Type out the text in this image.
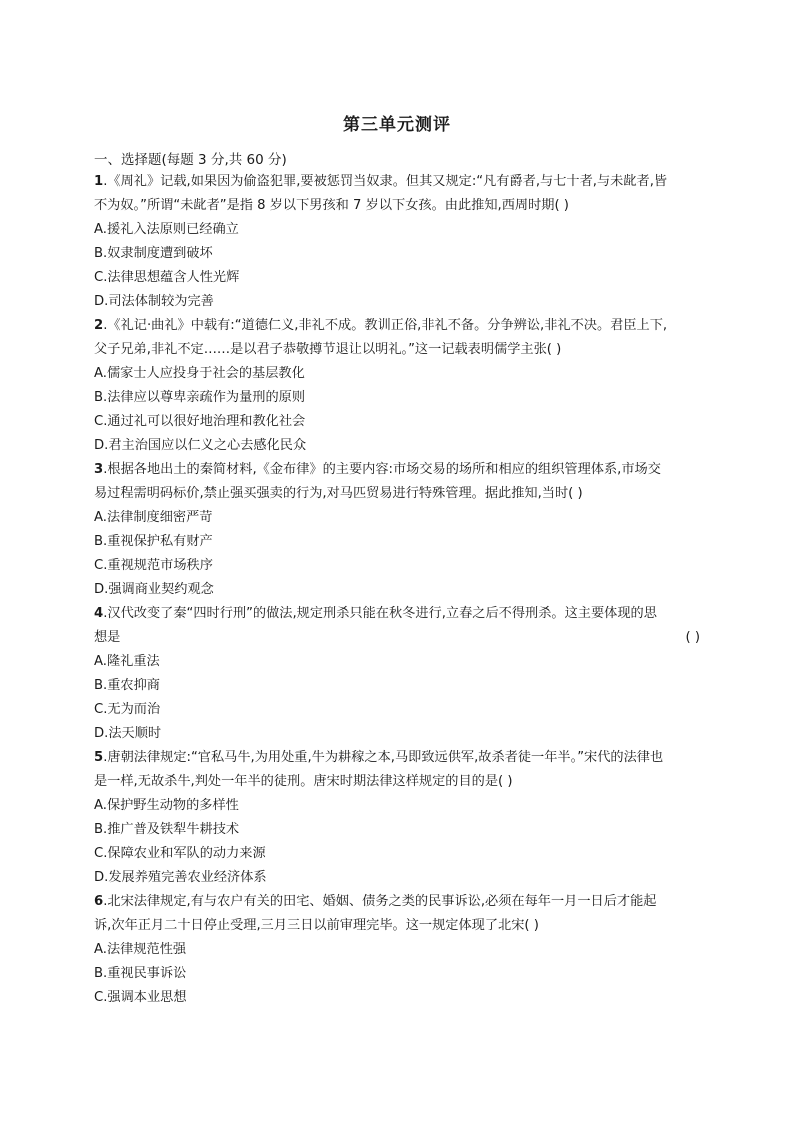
第三单元测评
一、选择题(每题 3 分,共 60 分)
1.《周礼》记载,如果因为偷盗犯罪,要被惩罚当奴隶。但其又规定:“凡有爵者,与七十者,与未龀者,皆
不为奴。”所谓“未龀者”是指 8 岁以下男孩和 7 岁以下女孩。由此推知,西周时期( )
A.援礼入法原则已经确立
B.奴隶制度遭到破坏
C.法律思想蕴含人性光辉
D.司法体制较为完善
2.《礼记·曲礼》中载有:“道德仁义,非礼不成。教训正俗,非礼不备。分争辨讼,非礼不决。君臣上下,
父子兄弟,非礼不定……是以君子恭敬撙节退让以明礼。”这一记载表明儒学主张( )
A.儒家士人应投身于社会的基层教化
B.法律应以尊卑亲疏作为量刑的原则
C.通过礼可以很好地治理和教化社会
D.君主治国应以仁义之心去感化民众
3.根据各地出土的秦简材料,《金布律》的主要内容:市场交易的场所和相应的组织管理体系,市场交
易过程需明码标价,禁止强买强卖的行为,对马匹贸易进行特殊管理。据此推知,当时( )
A.法律制度细密严苛
B.重视保护私有财产
C.重视规范市场秩序
D.强调商业契约观念
4.汉代改变了秦“四时行刑”的做法,规定刑杀只能在秋冬进行,立春之后不得刑杀。这主要体现的思
想是	( )
A.隆礼重法
B.重农抑商
C.无为而治
D.法天顺时
5.唐朝法律规定:“官私马牛,为用处重,牛为耕稼之本,马即致远供军,故杀者徒一年半。”宋代的法律也
是一样,无故杀牛,判处一年半的徒刑。唐宋时期法律这样规定的目的是( )
A.保护野生动物的多样性
B.推广普及铁犁牛耕技术
C.保障农业和军队的动力来源
D.发展养殖完善农业经济体系
6.北宋法律规定,有与农户有关的田宅、婚姻、债务之类的民事诉讼,必须在每年一月一日后才能起
诉,次年正月二十日停止受理,三月三日以前审理完毕。这一规定体现了北宋( )
A.法律规范性强
B.重视民事诉讼
C.强调本业思想
